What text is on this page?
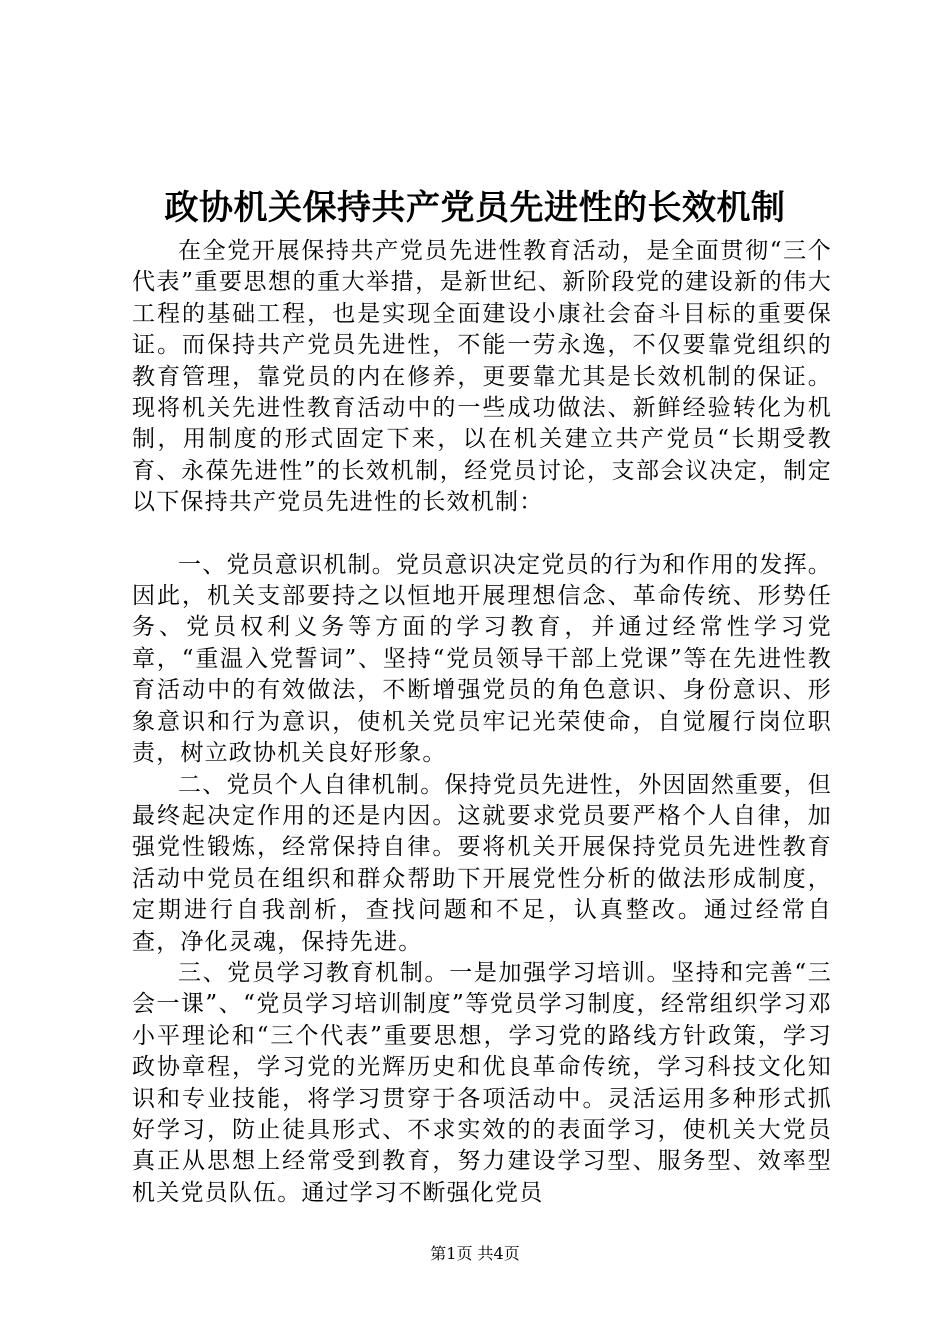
政协机关保持共产党员先进性的长效机制

在全党开展保持共产党员先进性教育活动，是全面贯彻“三个代表”重要思想的重大举措，是新世纪、新阶段党的建设新的伟大工程的基础工程，也是实现全面建设小康社会奋斗目标的重要保证。而保持共产党员先进性，不能一劳永逸，不仅要靠党组织的教育管理，靠党员的内在修养，更要靠尤其是长效机制的保证。现将机关先进性教育活动中的一些成功做法、新鲜经验转化为机制，用制度的形式固定下来，以在机关建立共产党员“长期受教育、永葆先进性”的长效机制，经党员讨论，支部会议决定，制定以下保持共产党员先进性的长效机制：

一、党员意识机制。党员意识决定党员的行为和作用的发挥。因此，机关支部要持之以恒地开展理想信念、革命传统、形势任务、党员权利义务等方面的学习教育，并通过经常性学习党章，“重温入党誓词”、坚持“党员领导干部上党课”等在先进性教育活动中的有效做法，不断增强党员的角色意识、身份意识、形象意识和行为意识，使机关党员牢记光荣使命，自觉履行岗位职责，树立政协机关良好形象。

二、党员个人自律机制。保持党员先进性，外因固然重要，但最终起决定作用的还是内因。这就要求党员要严格个人自律，加强党性锻炼，经常保持自律。要将机关开展保持党员先进性教育活动中党员在组织和群众帮助下开展党性分析的做法形成制度，定期进行自我剖析，查找问题和不足，认真整改。通过经常自查，净化灵魂，保持先进。

三、党员学习教育机制。一是加强学习培训。坚持和完善“三会一课”、“党员学习培训制度”等党员学习制度，经常组织学习邓小平理论和“三个代表”重要思想，学习党的路线方针政策，学习政协章程，学习党的光辉历史和优良革命传统，学习科技文化知识和专业技能，将学习贯穿于各项活动中。灵活运用多种形式抓好学习，防止徒具形式、不求实效的的表面学习，使机关大党员真正从思想上经常受到教育，努力建设学习型、服务型、效率型机关党员队伍。通过学习不断强化党员

第1页 共4页
